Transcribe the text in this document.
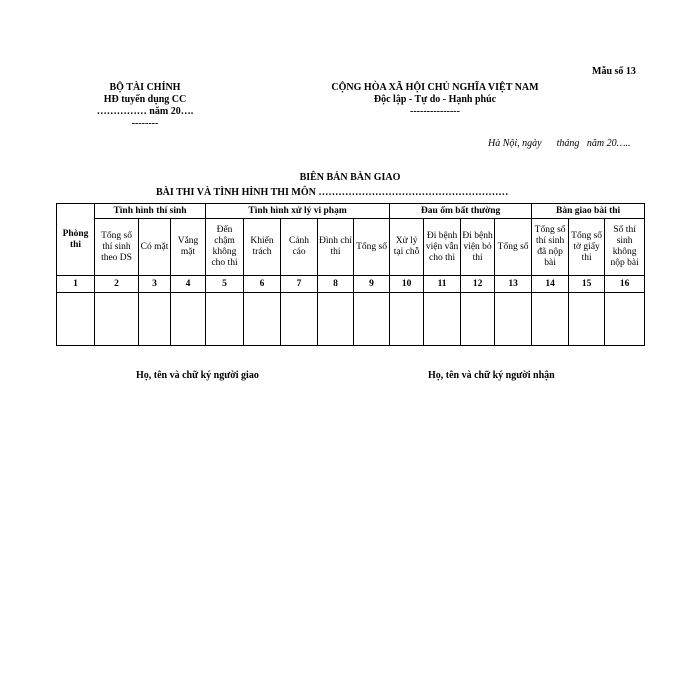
Mẫu số 13
BỘ TÀI CHÍNH
HĐ tuyển dụng CC
…………… năm 20….
--------
CỘNG HÒA XÃ HỘI CHỦ NGHĨA VIỆT NAM
Độc lập - Tự do - Hạnh phúc
---------------
Hà Nội, ngày      tháng   năm 20…..
BIÊN BẢN BÀN GIAO
BÀI THI VÀ TÌNH HÌNH THI MÔN …………………………………………………
Phòng thi	Tình hình thí sinh			Tình hình xử lý vi phạm					Đau ốm bất thường				Bàn giao bài thi		
	Tổng số thí sinh theo DS	Có mặt	Vắng mặt	Đến chậm không cho thi	Khiển trách	Cảnh cáo	Đình chỉ thi	Tổng số	Xử lý tại chỗ	Đi bệnh viện vẫn cho thi	Đi bệnh viện bỏ thi	Tổng số	Tổng số thí sinh đã nộp bài	Tổng số tờ giấy thi	Số thí sinh không nộp bài
1	2	3	4	5	6	7	8	9	10	11	12	13	14	15	16

Họ, tên và chữ ký người giao	Họ, tên và chữ ký người nhận
